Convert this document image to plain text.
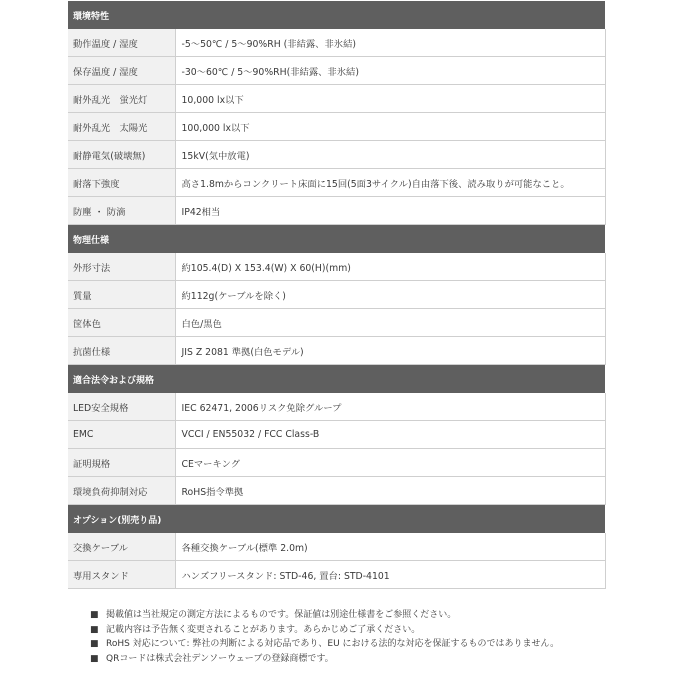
環境特性	
動作温度 / 湿度	-5～50℃ / 5～90%RH (非結露、非氷結)
保存温度 / 湿度	-30～60℃ / 5～90%RH(非結露、非氷結)
耐外乱光　蛍光灯	10,000 lx以下
耐外乱光　太陽光	100,000 lx以下
耐静電気(破壊無)	15kV(気中放電)
耐落下強度	高さ1.8mからコンクリート床面に15回(5面3サイクル)自由落下後、読み取りが可能なこと。
防塵 ・ 防滴	IP42相当
物理仕様	
外形寸法	約105.4(D) X 153.4(W) X 60(H)(mm)
質量	約112g(ケーブルを除く)
筐体色	白色/黒色
抗菌仕様	JIS Z 2081 準拠(白色モデル)
適合法令および規格	
LED安全規格	IEC 62471, 2006リスク免除グループ
EMC	VCCI / EN55032 / FCC Class-B
証明規格	CEマーキング
環境負荷抑制対応	RoHS指令準拠
オプション(別売り品)	
交換ケーブル	各種交換ケーブル(標準 2.0m)
専用スタンド	ハンズフリースタンド: STD-46, 置台: STD-4101
■ 掲載値は当社規定の測定方法によるものです。保証値は別途仕様書をご参照ください。
■ 記載内容は予告無く変更されることがあります。あらかじめご了承ください。
■ RoHS 対応について: 弊社の判断による対応品であり、EU における法的な対応を保証するものではありません。
■ QRコードは株式会社デンソーウェーブの登録商標です。
